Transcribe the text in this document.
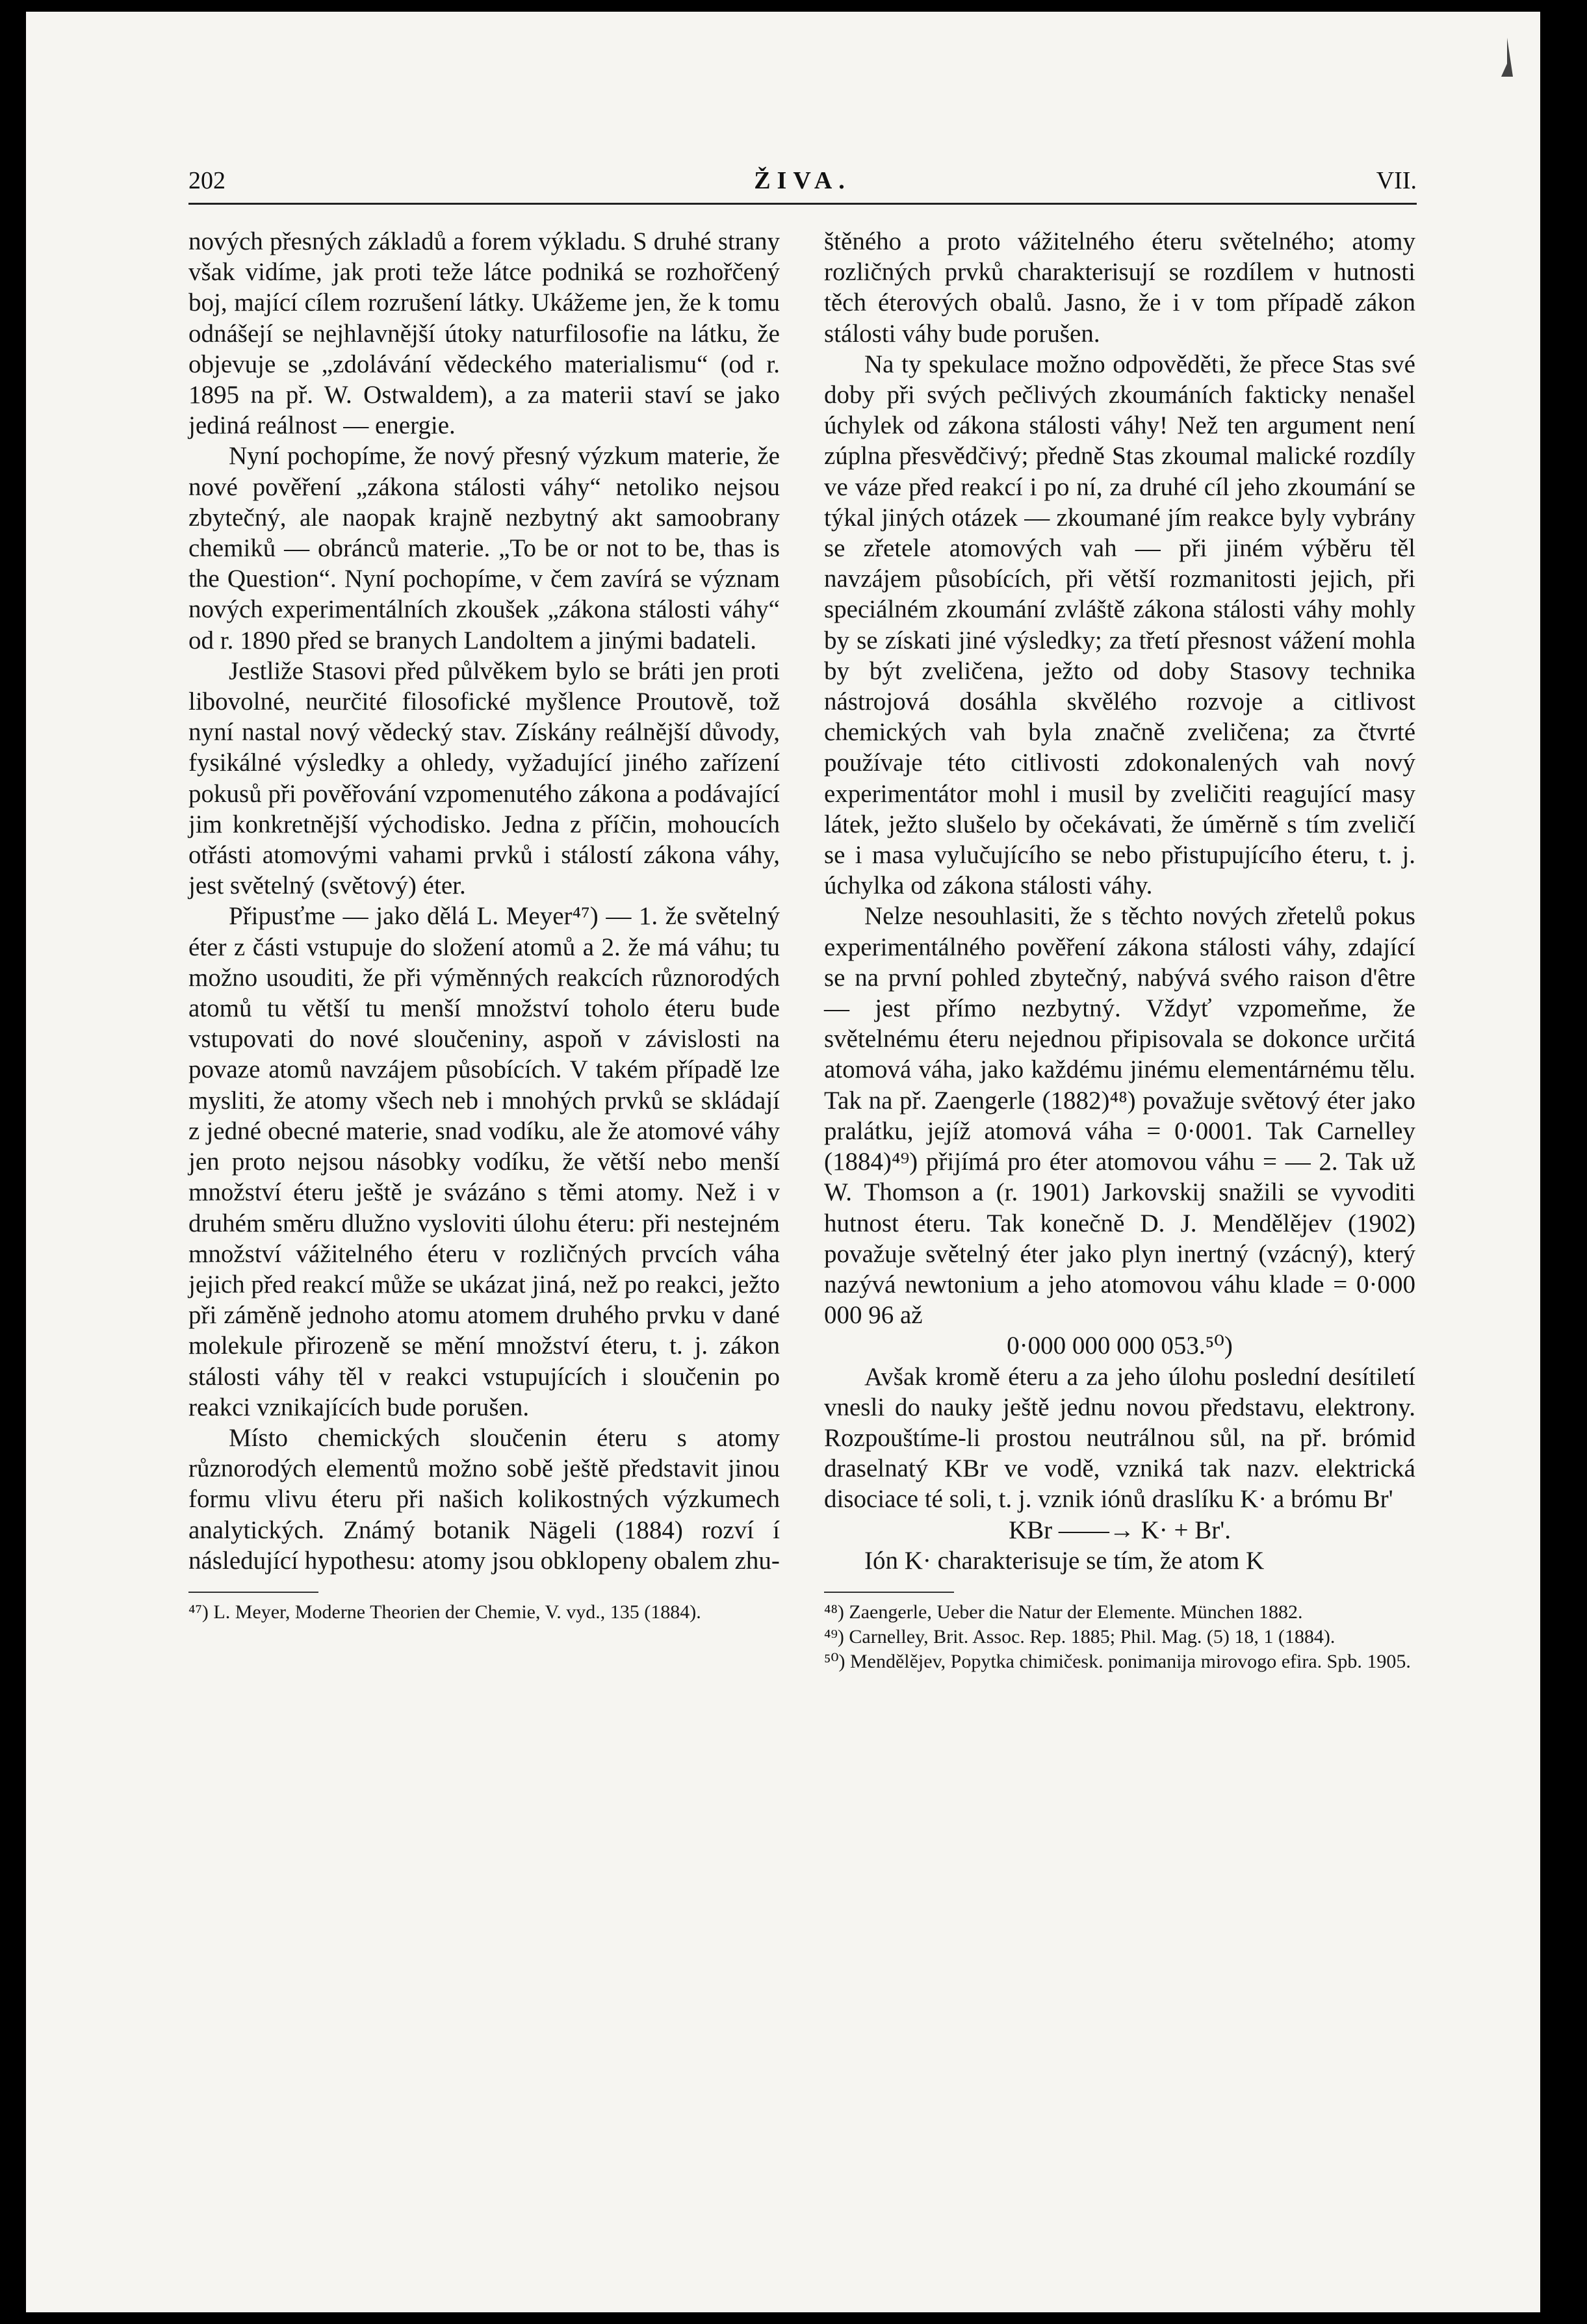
202	ŽIVA.	VII.

nových přesných základů a forem výkladu. S druhé strany však vidíme, jak proti teže látce podniká se rozhořčený boj, mající cílem rozrušení látky. Ukážeme jen, že k tomu odnášejí se nejhlavnější útoky naturfilosofie na látku, že objevuje se „zdolávání vědeckého materialismu“ (od r. 1895 na př. W. Ostwaldem), a za materii staví se jako jediná reálnost — energie.

Nyní pochopíme, že nový přesný výzkum materie, že nové pověření „zákona stálosti váhy“ netoliko nejsou zbytečný, ale naopak krajně nezbytný akt samoobrany chemiků — obránců materie. „To be or not to be, thas is the Question“. Nyní pochopíme, v čem zavírá se význam nových experimentálních zkoušek „zákona stálosti váhy“ od r. 1890 před se branych Landoltem a jinými badateli.

Jestliže Stasovi před půlvěkem bylo se bráti jen proti libovolné, neurčité filosofické myšlence Proutově, tož nyní nastal nový vědecký stav. Získány reálnější důvody, fysikálné výsledky a ohledy, vyžadující jiného zařízení pokusů při pověřování vzpomenutého zákona a podávající jim konkretnější východisko. Jedna z příčin, mohoucích otřásti atomovými vahami prvků i stálostí zákona váhy, jest světelný (světový) éter.

Připusťme — jako dělá L. Meyer⁴⁷) — 1. že světelný éter z části vstupuje do složení atomů a 2. že má váhu; tu možno usouditi, že při výměnných reakcích různorodých atomů tu větší tu menší množství toholo éteru bude vstupovati do nové sloučeniny, aspoň v závislosti na povaze atomů navzájem působících. V takém případě lze mysliti, že atomy všech neb i mnohých prvků se skládají z jedné obecné materie, snad vodíku, ale že atomové váhy jen proto nejsou násobky vodíku, že větší nebo menší množství éteru ještě je svázáno s těmi atomy. Než i v druhém směru dlužno vysloviti úlohu éteru: při nestejném množství vážitelného éteru v rozličných prvcích váha jejich před reakcí může se ukázat jiná, než po reakci, ježto při záměně jednoho atomu atomem druhého prvku v dané molekule přirozeně se mění množství éteru, t. j. zákon stálosti váhy těl v reakci vstupujících i sloučenin po reakci vznikajících bude porušen.

Místo chemických sloučenin éteru s atomy různorodých elementů možno sobě ještě představit jinou formu vlivu éteru při našich kolikostných výzkumech analytických. Známý botanik Nägeli (1884) rozví í následující hypothesu: atomy jsou obklopeny obalem zhu-

⁴⁷) L. Meyer, Moderne Theorien der Chemie, V. vyd., 135 (1884).

štěného a proto vážitelného éteru světelného; atomy rozličných prvků charakterisují se rozdílem v hutnosti těch éterových obalů. Jasno, že i v tom případě zákon stálosti váhy bude porušen.

Na ty spekulace možno odpověděti, že přece Stas své doby při svých pečlivých zkoumáních fakticky nenašel úchylek od zákona stálosti váhy! Než ten argument není zúplna přesvědčivý; předně Stas zkoumal malické rozdíly ve váze před reakcí i po ní, za druhé cíl jeho zkoumání se týkal jiných otázek — zkoumané jím reakce byly vybrány se zřetele atomových vah — při jiném výběru těl navzájem působících, při větší rozmanitosti jejich, při speciálném zkoumání zvláště zákona stálosti váhy mohly by se získati jiné výsledky; za třetí přesnost vážení mohla by být zveličena, ježto od doby Stasovy technika nástrojová dosáhla skvělého rozvoje a citlivost chemických vah byla značně zveličena; za čtvrté používaje této citlivosti zdokonalených vah nový experimentátor mohl i musil by zveličiti reagující masy látek, ježto slušelo by očekávati, že úměrně s tím zveličí se i masa vylučujícího se nebo přistupujícího éteru, t. j. úchylka od zákona stálosti váhy.

Nelze nesouhlasiti, že s těchto nových zřetelů pokus experimentálného pověření zákona stálosti váhy, zdající se na první pohled zbytečný, nabývá svého raison d'être — jest přímo nezbytný. Vždyť vzpomeňme, že světelnému éteru nejednou připisovala se dokonce určitá atomová váha, jako každému jinému elementárnému tělu. Tak na př. Zaengerle (1882)⁴⁸) považuje světový éter jako pralátku, jejíž atomová váha = 0·0001. Tak Carnelley (1884)⁴⁹) přijímá pro éter atomovou váhu = — 2. Tak už W. Thomson a (r. 1901) Jarkovskij snažili se vyvoditi hutnost éteru. Tak konečně D. J. Mendělějev (1902) považuje světelný éter jako plyn inertný (vzácný), který nazývá newtonium a jeho atomovou váhu klade = 0·000 000 96 až

0·000 000 000 053.⁵⁰)

Avšak kromě éteru a za jeho úlohu poslední desítiletí vnesli do nauky ještě jednu novou představu, elektrony. Rozpouštíme-li prostou neutrálnou sůl, na př. brómid draselnatý KBr ve vodě, vzniká tak nazv. elektrická disociace té soli, t. j. vznik iónů draslíku K· a brómu Br'

KBr ——→ K· + Br'.

Ión K· charakterisuje se tím, že atom K

⁴⁸) Zaengerle, Ueber die Natur der Elemente. München 1882.

⁴⁹) Carnelley, Brit. Assoc. Rep. 1885; Phil. Mag. (5) 18, 1 (1884).

⁵⁰) Mendělějev, Popytka chimičesk. ponimanija mirovogo efira. Spb. 1905.
